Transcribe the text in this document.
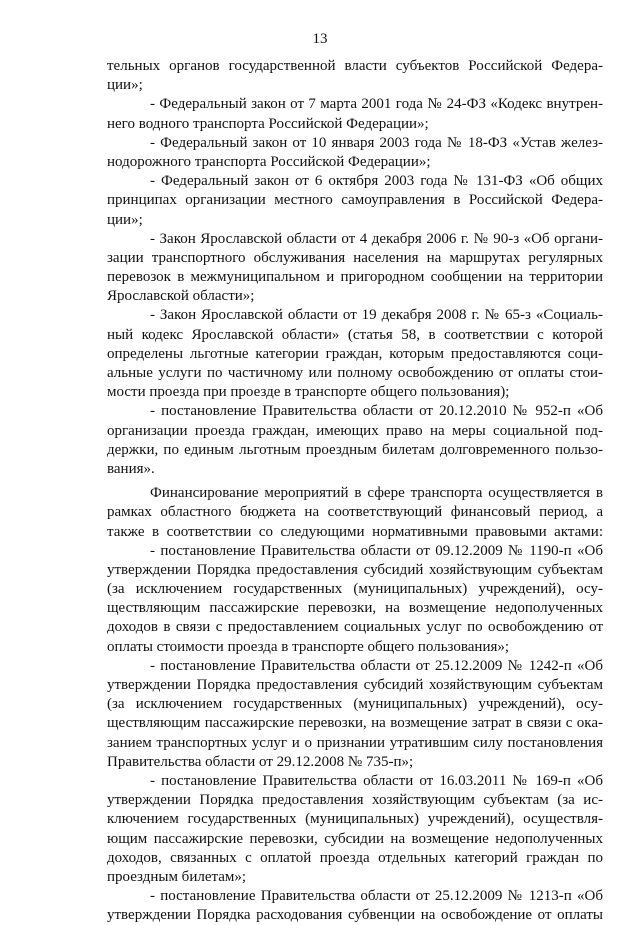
13
тельных органов государственной власти субъектов Российской Федера-
ции»;
- Федеральный закон от 7 марта 2001 года № 24-ФЗ «Кодекс внутрен-
него водного транспорта Российской Федерации»;
- Федеральный закон от 10 января 2003 года № 18-ФЗ «Устав желез-
нодорожного транспорта Российской Федерации»;
- Федеральный закон от 6 октября 2003 года № 131-ФЗ «Об общих
принципах организации местного самоуправления в Российской Федера-
ции»;
- Закон Ярославской области от 4 декабря 2006 г. № 90-з «Об органи-
зации транспортного обслуживания населения на маршрутах регулярных
перевозок в межмуниципальном и пригородном сообщении на территории
Ярославской области»;
- Закон Ярославской области от 19 декабря 2008 г. № 65-з «Социаль-
ный кодекс Ярославской области» (статья 58, в соответствии с которой
определены льготные категории граждан, которым предоставляются соци-
альные услуги по частичному или полному освобождению от оплаты стои-
мости проезда при проезде в транспорте общего пользования);
- постановление Правительства области от 20.12.2010 № 952-п «Об
организации проезда граждан, имеющих право на меры социальной под-
держки, по единым льготным проездным билетам долговременного пользо-
вания».
Финансирование мероприятий в сфере транспорта осуществляется в
рамках областного бюджета на соответствующий финансовый период, а
также в соответствии со следующими нормативными правовыми актами:
- постановление Правительства области от 09.12.2009 № 1190-п «Об
утверждении Порядка предоставления субсидий хозяйствующим субъектам
(за исключением государственных (муниципальных) учреждений), осу-
ществляющим пассажирские перевозки, на возмещение недополученных
доходов в связи с предоставлением социальных услуг по освобождению от
оплаты стоимости проезда в транспорте общего пользования»;
- постановление Правительства области от 25.12.2009 № 1242-п «Об
утверждении Порядка предоставления субсидий хозяйствующим субъектам
(за исключением государственных (муниципальных) учреждений), осу-
ществляющим пассажирские перевозки, на возмещение затрат в связи с ока-
занием транспортных услуг и о признании утратившим силу постановления
Правительства области от 29.12.2008 № 735-п»;
- постановление Правительства области от 16.03.2011 № 169-п «Об
утверждении Порядка предоставления хозяйствующим субъектам (за ис-
ключением государственных (муниципальных) учреждений), осуществля-
ющим пассажирские перевозки, субсидии на возмещение недополученных
доходов, связанных с оплатой проезда отдельных категорий граждан по
проездным билетам»;
- постановление Правительства области от 25.12.2009 № 1213-п «Об
утверждении Порядка расходования субвенции на освобождение от оплаты
